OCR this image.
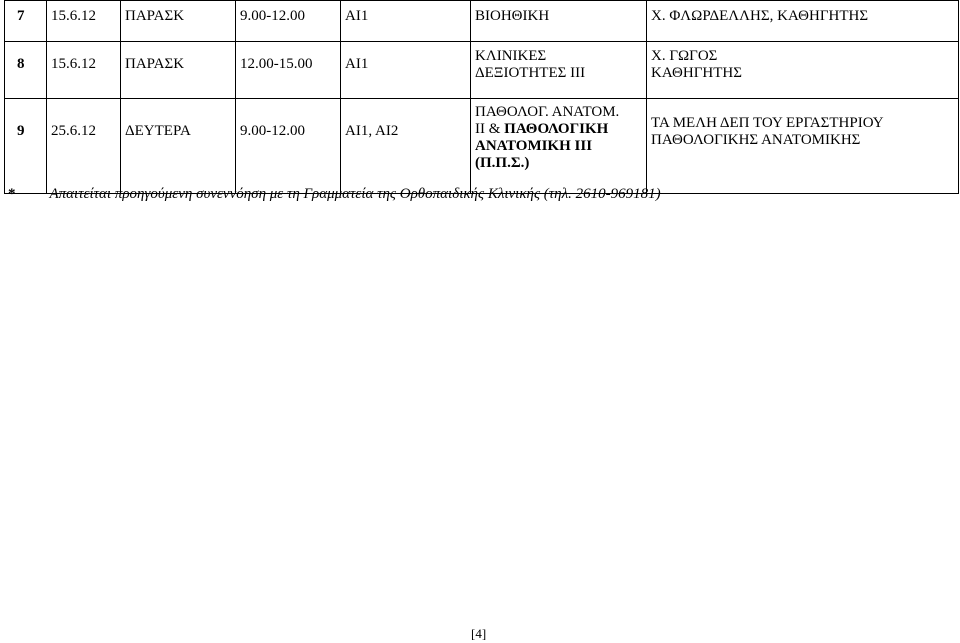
7	15.6.12	ΠΑΡΑΣΚ	9.00-12.00	ΑΙ1	ΒΙΟΗΘΙΚΗ	Χ. ΦΛΩΡΔΕΛΛΗΣ, ΚΑΘΗΓΗΤΗΣ

8	15.6.12	ΠΑΡΑΣΚ	12.00-15.00	ΑΙ1	ΚΛΙΝΙΚΕΣ
ΔΕΞΙΟΤΗΤΕΣ ΙΙΙ	Χ. ΓΩΓΟΣ
ΚΑΘΗΓΗΤΗΣ

9	25.6.12	ΔΕΥΤΕΡΑ	9.00-12.00	ΑΙ1, ΑΙ2	ΠΑΘΟΛΟΓ. ΑΝΑΤΟΜ.
ΙΙ & ΠΑΘΟΛΟΓΙΚΗ
ΑΝΑΤΟΜΙΚΗ ΙΙΙ
(Π.Π.Σ.)	ΤΑ ΜΕΛΗ ΔΕΠ ΤΟΥ ΕΡΓΑΣΤΗΡΙΟΥ
ΠΑΘΟΛΟΓΙΚΗΣ ΑΝΑΤΟΜΙΚΗΣ
* Απαιτείται προηγούμενη συνεννόηση με τη Γραμματεία της Ορθοπαιδικής Κλινικής (τηλ. 2610-969181)
[4]
